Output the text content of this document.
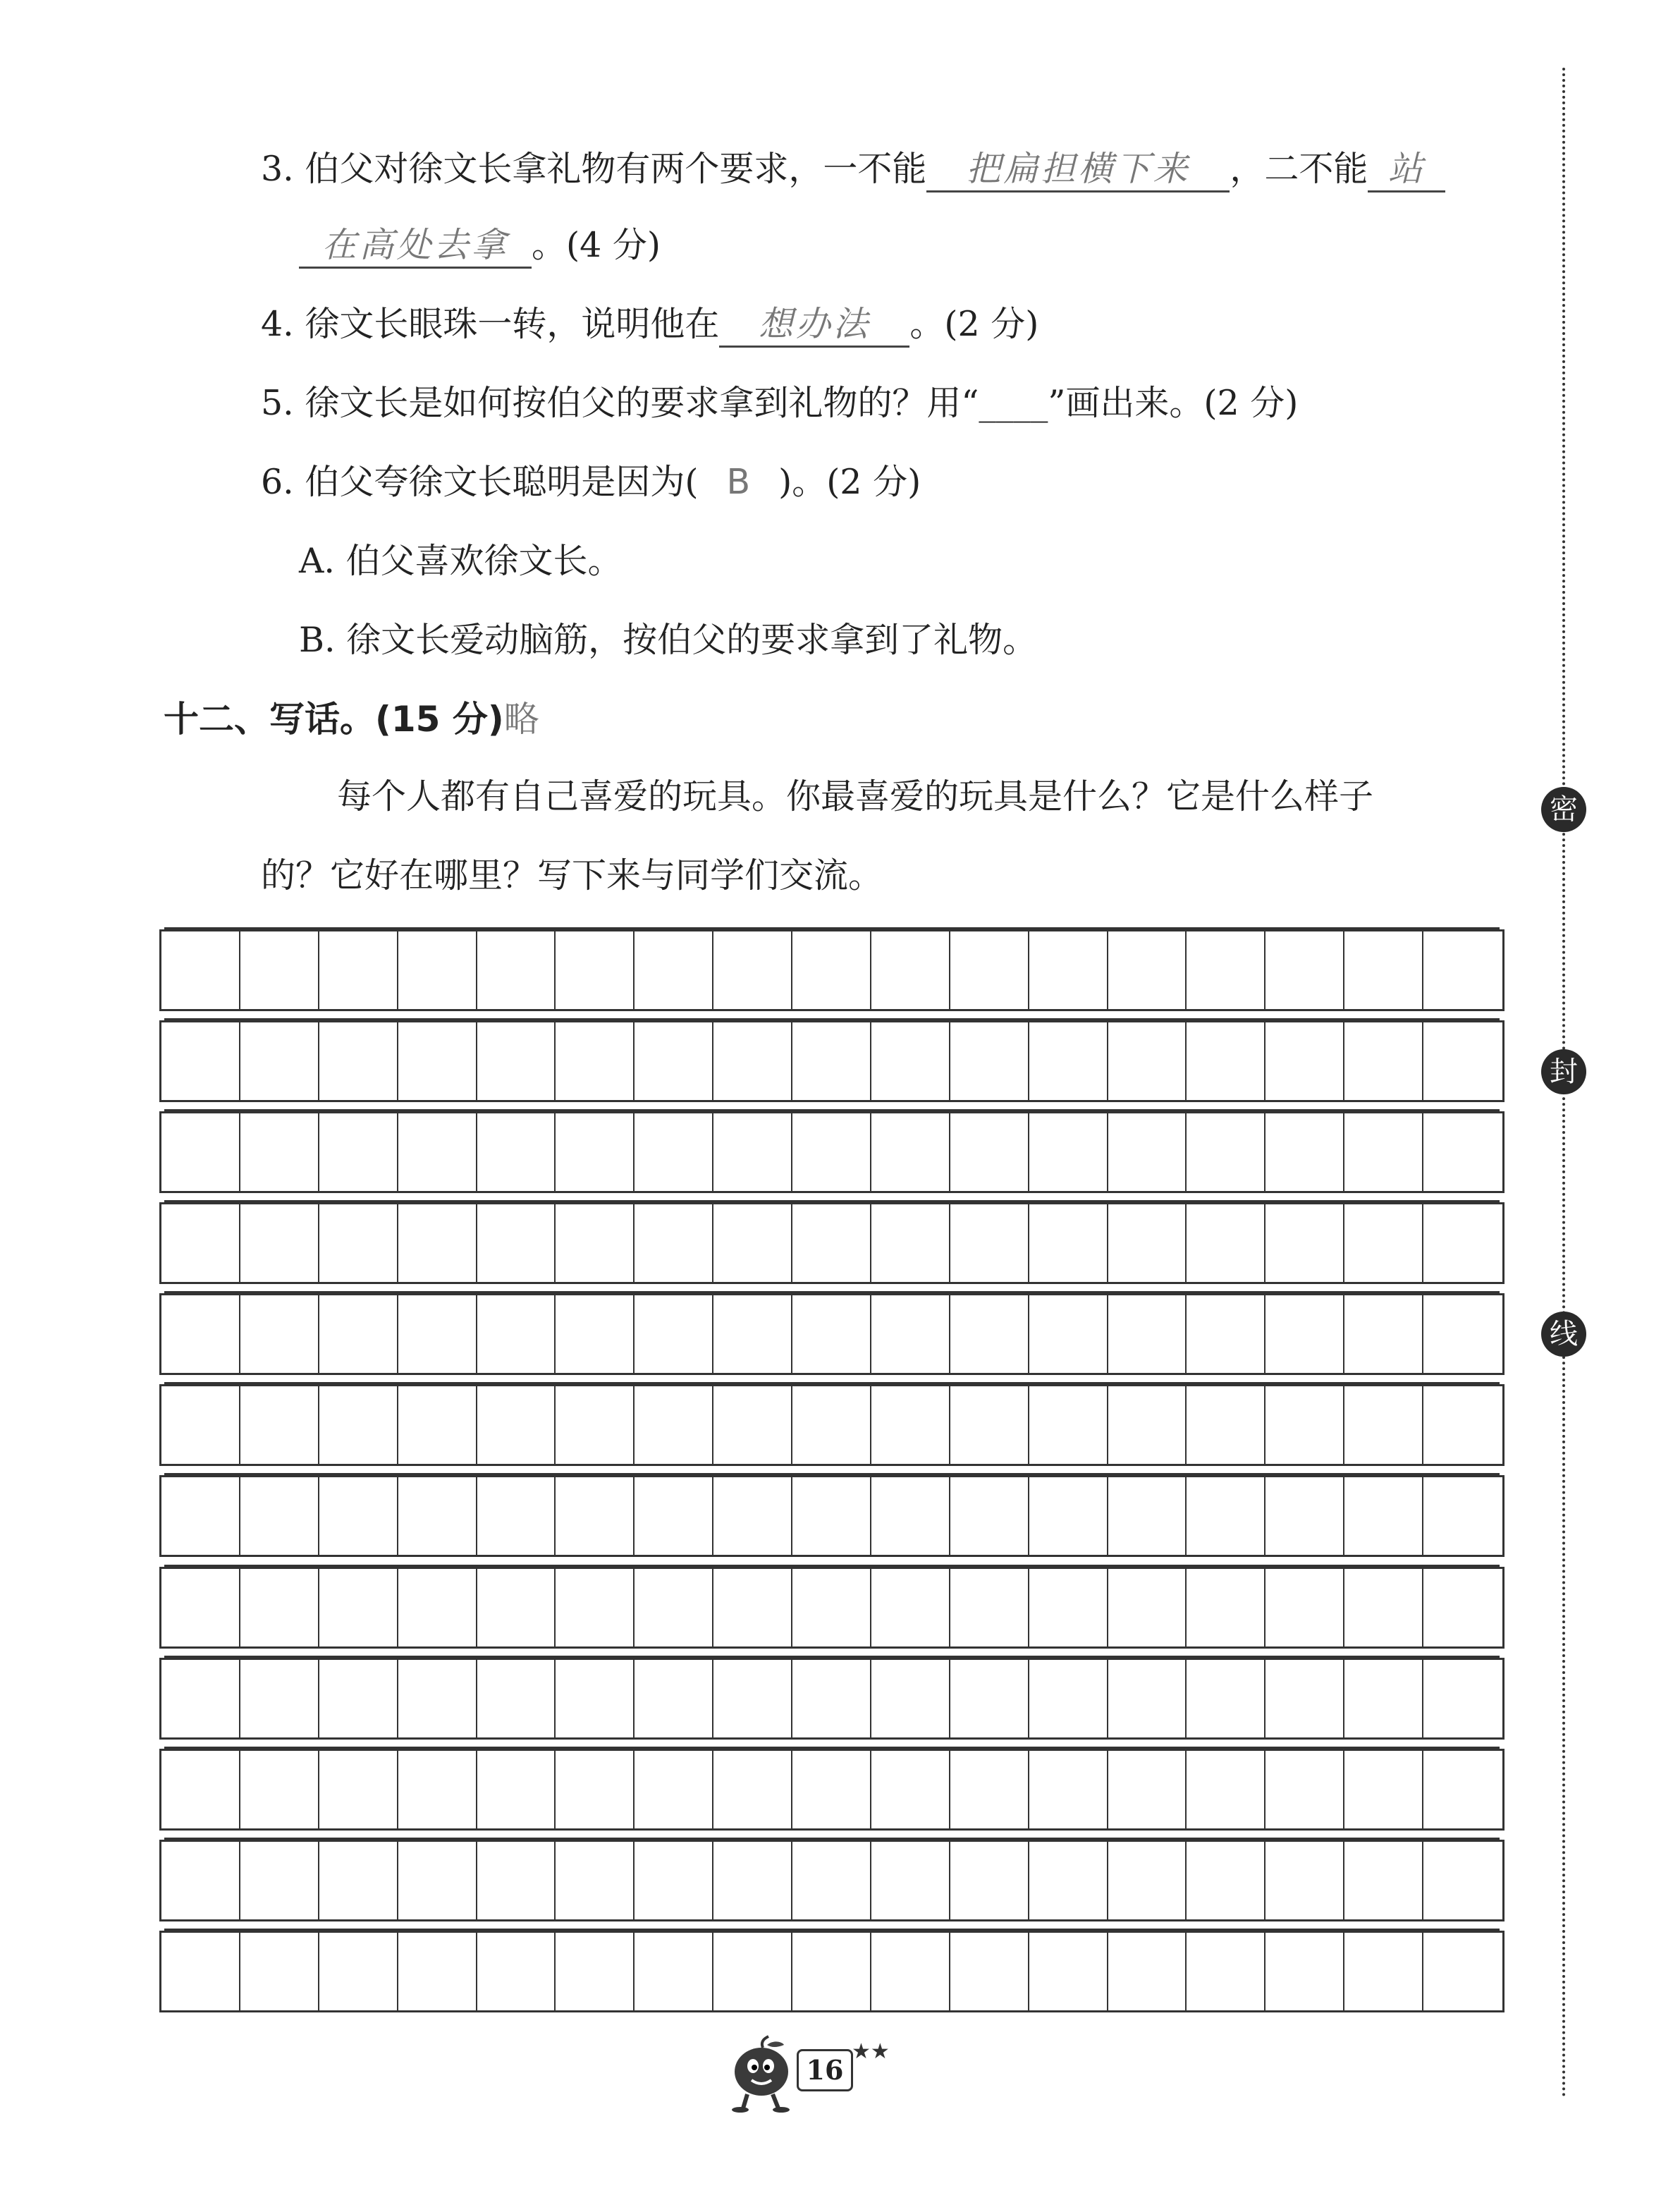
3. 伯父对徐文长拿礼物有两个要求，一不能 把扁担横下来 ，二不能 站
在高处去拿 。(4 分)
4. 徐文长眼珠一转，说明他在 想办法 。(2 分)
5. 徐文长是如何按伯父的要求拿到礼物的？用“____”画出来。(2 分)
6. 伯父夸徐文长聪明是因为( B )。(2 分)
A. 伯父喜欢徐文长。
B. 徐文长爱动脑筋，按伯父的要求拿到了礼物。
十二、写话。(15 分)略
每个人都有自己喜爱的玩具。你最喜爱的玩具是什么？它是什么样子
的？它好在哪里？写下来与同学们交流。
密
封
线
16
★★
